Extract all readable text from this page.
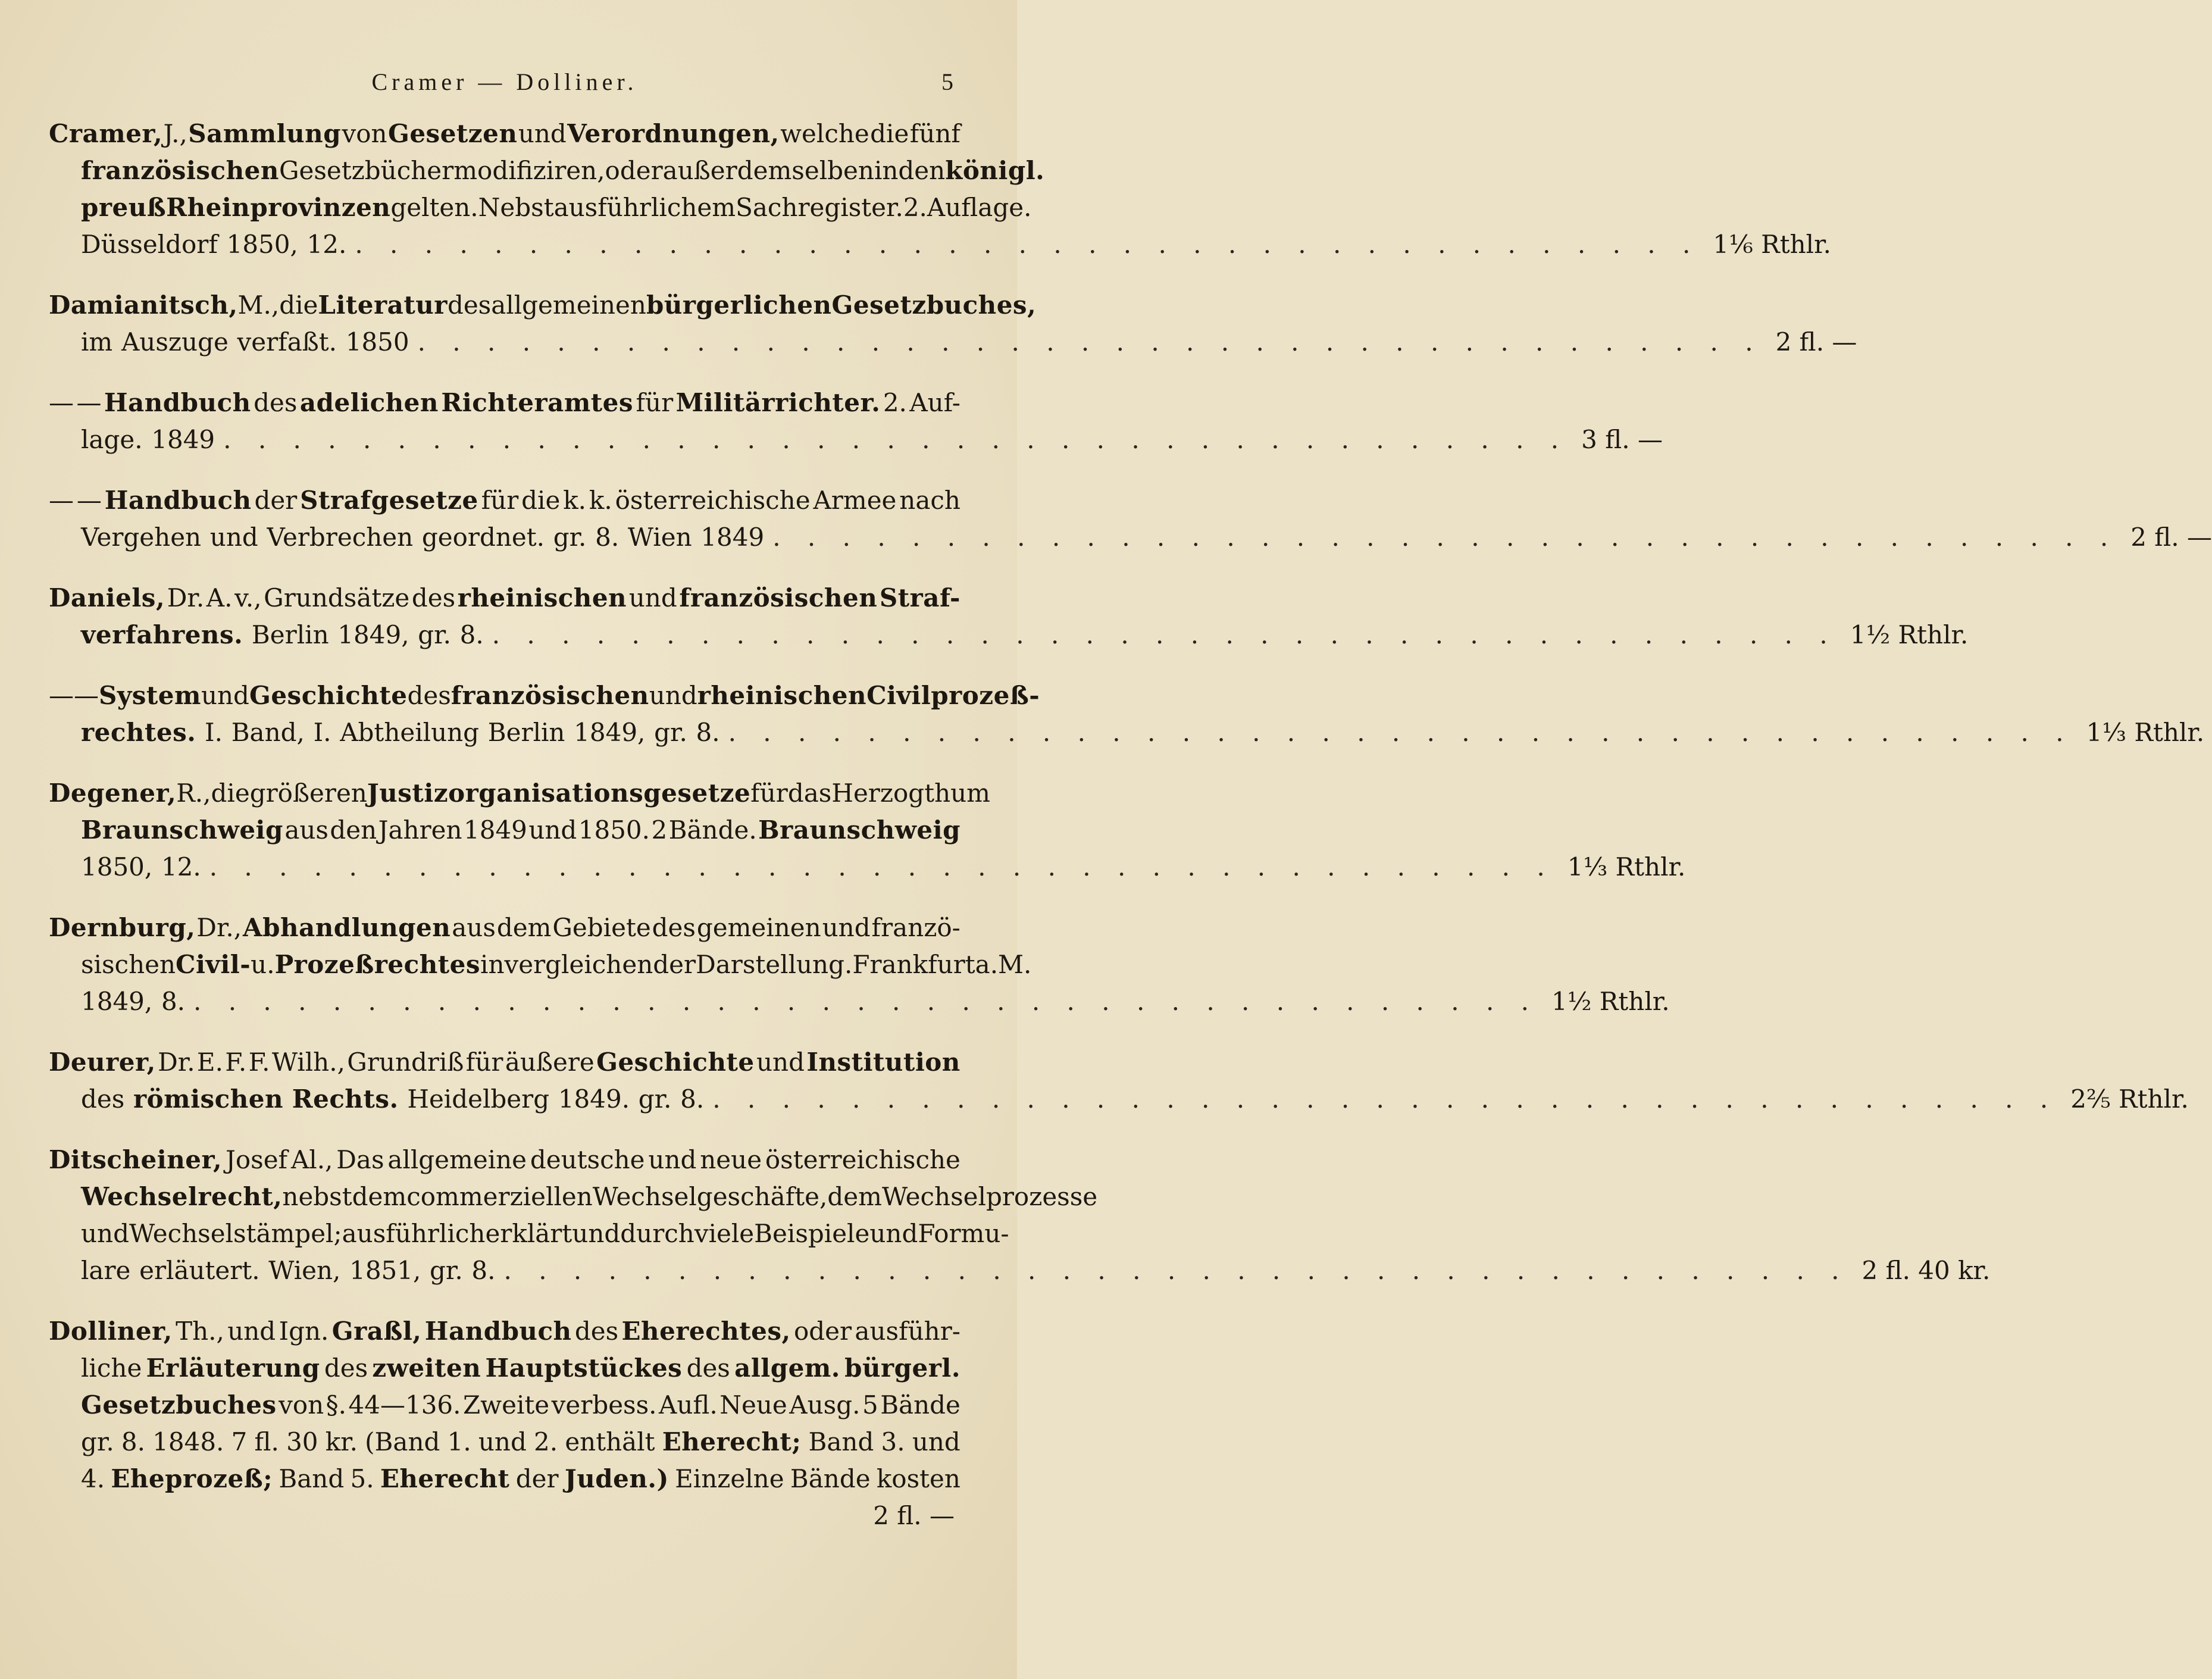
Cramer — Dolliner.	5
Cramer, J., Sammlung von Gesetzen und Verordnungen, welche die fünf
französischen Gesetzbücher modifiziren, oder außer demselben in den königl.
preuß Rheinprovinzen gelten. Nebst ausführlichem Sachregister. 2. Auflage.
Düsseldorf 1850, 12. . . . . . . . . . . . . . . . . . . . . . . . . . . . . . . . . . . . . . . . 1⅙ Rthlr.
Damianitsch, M., die Literatur des allgemeinen bürgerlichen Gesetzbuches,
im Auszuge verfaßt. 1850 . . . . . . . . . . . . . . . . . . . . . . . . . . . . . . . . . . . . . . . 2 fl. —
— — Handbuch des adelichen Richteramtes für Militärrichter. 2. Auf-
lage. 1849 . . . . . . . . . . . . . . . . . . . . . . . . . . . . . . . . . . . . . . . 3 fl. —
— — Handbuch der Strafgesetze für die k. k. österreichische Armee nach
Vergehen und Verbrechen geordnet. gr. 8. Wien 1849 . . . . . . . . . . . . . . . . . . . . . . . . . . . . . . . . . . . . . . . 2 fl. —
Daniels, Dr. A. v., Grundsätze des rheinischen und französischen Straf-
verfahrens. Berlin 1849, gr. 8. . . . . . . . . . . . . . . . . . . . . . . . . . . . . . . . . . . . . . . . 1½ Rthlr.
— — System und Geschichte des französischen und rheinischen Civilprozeß-
rechtes. I. Band, I. Abtheilung Berlin 1849, gr. 8. . . . . . . . . . . . . . . . . . . . . . . . . . . . . . . . . . . . . . . . 1⅓ Rthlr.
Degener, R., die größeren Justizorganisationsgesetze für das Herzogthum
Braunschweig aus den Jahren 1849 und 1850. 2 Bände. Braunschweig
1850, 12. . . . . . . . . . . . . . . . . . . . . . . . . . . . . . . . . . . . . . . . 1⅓ Rthlr.
Dernburg, Dr., Abhandlungen aus dem Gebiete des gemeinen und franzö-
sischen Civil- u. Prozeßrechtes in vergleichender Darstellung. Frankfurt a. M.
1849, 8. . . . . . . . . . . . . . . . . . . . . . . . . . . . . . . . . . . . . . . . 1½ Rthlr.
Deurer, Dr. E. F. F. Wilh., Grundriß für äußere Geschichte und Institution
des römischen Rechts. Heidelberg 1849. gr. 8. . . . . . . . . . . . . . . . . . . . . . . . . . . . . . . . . . . . . . . . 2⅖ Rthlr.
Ditscheiner, Josef Al., Das allgemeine deutsche und neue österreichische
Wechselrecht, nebst dem commerziellen Wechselgeschäfte, dem Wechselprozesse
und Wechselstämpel; ausführlich erklärt und durch viele Beispiele und Formu-
lare erläutert. Wien, 1851, gr. 8. . . . . . . . . . . . . . . . . . . . . . . . . . . . . . . . . . . . . . . . 2 fl. 40 kr.
Dolliner, Th., und Ign. Graßl, Handbuch des Eherechtes, oder ausführ-
liche Erläuterung des zweiten Hauptstückes des allgem. bürgerl.
Gesetzbuches von §. 44—136. Zweite verbess. Aufl. Neue Ausg. 5 Bände
gr. 8. 1848. 7 fl. 30 kr. (Band 1. und 2. enthält Eherecht; Band 3. und
4. Eheprozeß; Band 5. Eherecht der Juden.) Einzelne Bände kosten
2 fl. —
